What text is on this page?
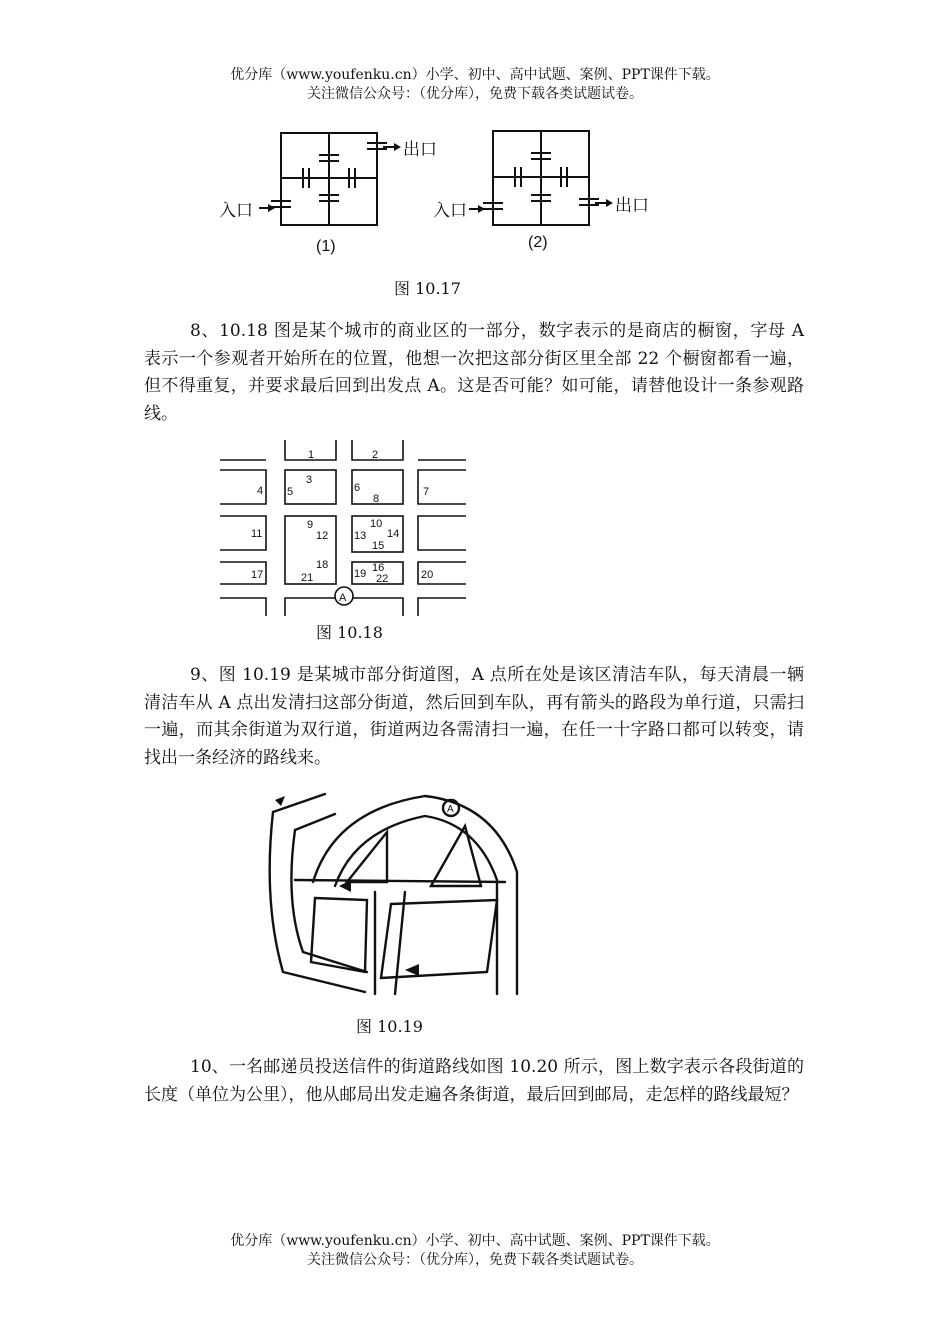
优分库（www.youfenku.cn）小学、初中、高中试题、案例、PPT课件下载。
关注微信公众号：（优分库），免费下载各类试题试卷。
入口
出口
(1)
入口	出口
(2)
图 10.17

8、10.18 图是某个城市的商业区的一部分，数字表示的是商店的橱窗，字母 A 表示一个参观者开始所在的位置，他想一次把这部分街区里全部 22 个橱窗都看一遍，但不得重复，并要求最后回到出发点 A。这是否可能？如可能，请替他设计一条参观路线。

A
1	2
3
4 5	6	7
8
9	10
11	12 13 14
15
16
17
18
19	20
21	22
图 10.18

9、图 10.19 是某城市部分街道图，A 点所在处是该区清洁车队，每天清晨一辆清洁车从 A 点出发清扫这部分街道，然后回到车队，再有箭头的路段为单行道，只需扫一遍，而其余街道为双行道，街道两边各需清扫一遍，在任一十字路口都可以转变，请找出一条经济的路线来。

A
图 10.19

10、一名邮递员投送信件的街道路线如图 10.20 所示，图上数字表示各段街道的长度（单位为公里），他从邮局出发走遍各条街道，最后回到邮局，走怎样的路线最短？

优分库（www.youfenku.cn）小学、初中、高中试题、案例、PPT课件下载。
关注微信公众号：（优分库），免费下载各类试题试卷。
